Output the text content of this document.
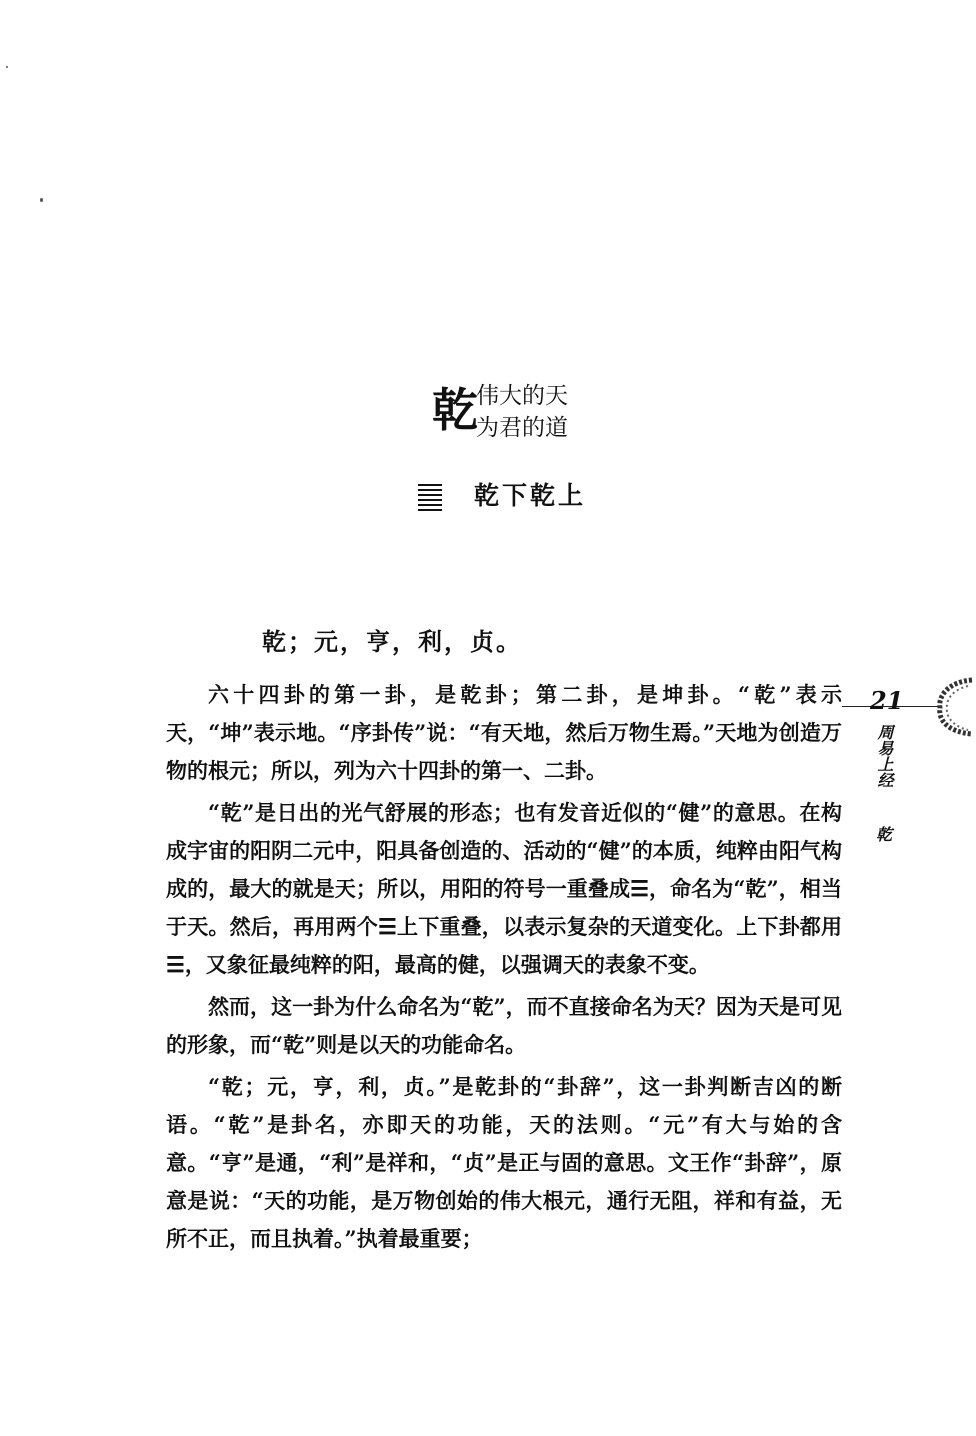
乾
伟大的天
为君的道
乾下乾上
乾；元，亨，利，贞。

六十四卦的第一卦，是乾卦；第二卦，是坤卦。“乾”表示天，“坤”表示地。“序卦传”说：“有天地，然后万物生焉。”天地为创造万物的根元；所以，列为六十四卦的第一、二卦。

“乾”是日出的光气舒展的形态；也有发音近似的“健”的意思。在构成宇宙的阳阴二元中，阳具备创造的、活动的“健”的本质，纯粹由阳气构成的，最大的就是天；所以，用阳的符号一重叠成☰，命名为“乾”，相当于天。然后，再用两个☰上下重叠，以表示复杂的天道变化。上下卦都用☰，又象征最纯粹的阳，最高的健，以强调天的表象不变。

然而，这一卦为什么命名为“乾”，而不直接命名为天？因为天是可见的形象，而“乾”则是以天的功能命名。

“乾；元，亨，利，贞。”是乾卦的“卦辞”，这一卦判断吉凶的断语。“乾”是卦名，亦即天的功能，天的法则。“元”有大与始的含意。“亨”是通，“利”是祥和，“贞”是正与固的意思。文王作“卦辞”，原意是说：“天的功能，是万物创始的伟大根元，通行无阻，祥和有益，无所不正，而且执着。”执着最重要；

21
周易上经
乾
